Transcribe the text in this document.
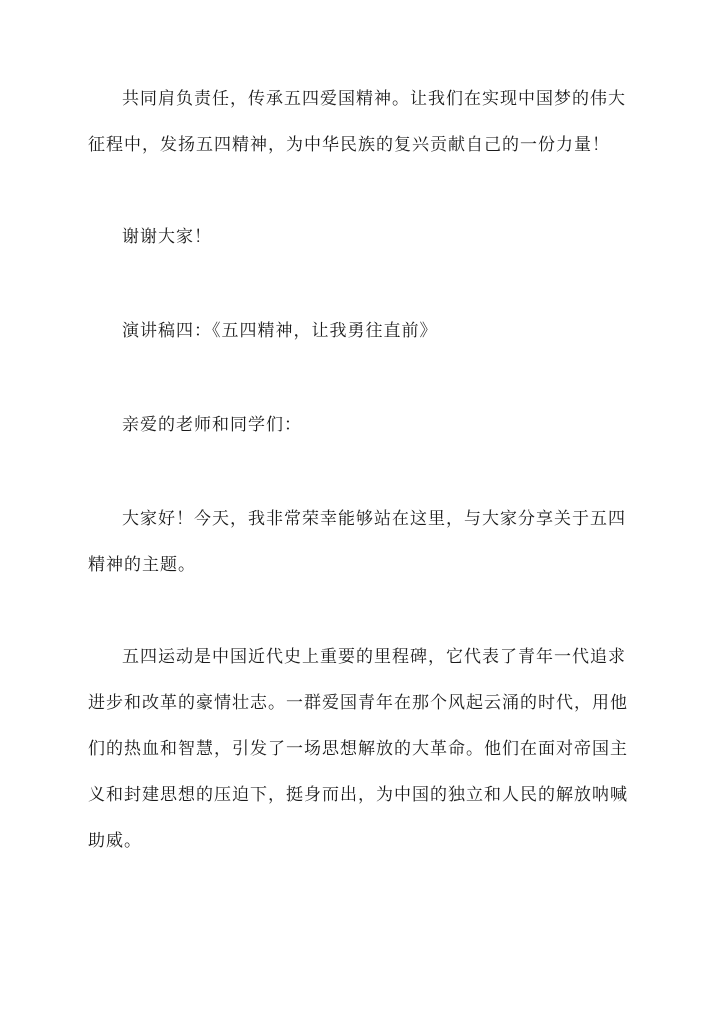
共同肩负责任，传承五四爱国精神。让我们在实现中国梦的伟大征程中，发扬五四精神，为中华民族的复兴贡献自己的一份力量！

谢谢大家！

演讲稿四：《五四精神，让我勇往直前》

亲爱的老师和同学们：

大家好！今天，我非常荣幸能够站在这里，与大家分享关于五四精神的主题。

五四运动是中国近代史上重要的里程碑，它代表了青年一代追求进步和改革的豪情壮志。一群爱国青年在那个风起云涌的时代，用他们的热血和智慧，引发了一场思想解放的大革命。他们在面对帝国主义和封建思想的压迫下，挺身而出，为中国的独立和人民的解放呐喊助威。
